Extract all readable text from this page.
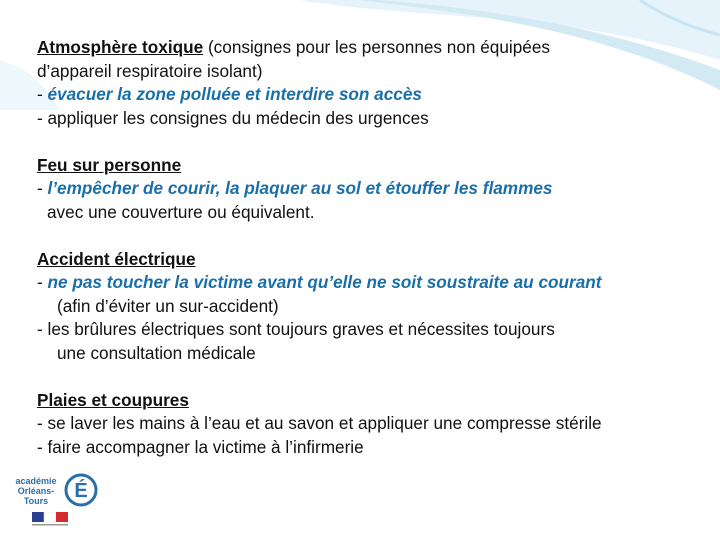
Atmosphère toxique (consignes pour les personnes non équipées
d’appareil respiratoire isolant)
- évacuer la zone polluée et interdire son accès
- appliquer les consignes du médecin des urgences
Feu sur personne
- l’empêcher de courir, la plaquer au sol et étouffer les flammes
avec une couverture ou équivalent.
Accident électrique
- ne pas toucher la victime avant qu’elle ne soit soustraite au courant
(afin d’éviter un sur-accident)
- les brûlures électriques sont toujours graves et nécessites toujours
une consultation médicale
Plaies et coupures
- se laver les mains à l’eau et au savon et appliquer une compresse stérile
- faire accompagner la victime à l’infirmerie
académie
Orléans-Tours	É
